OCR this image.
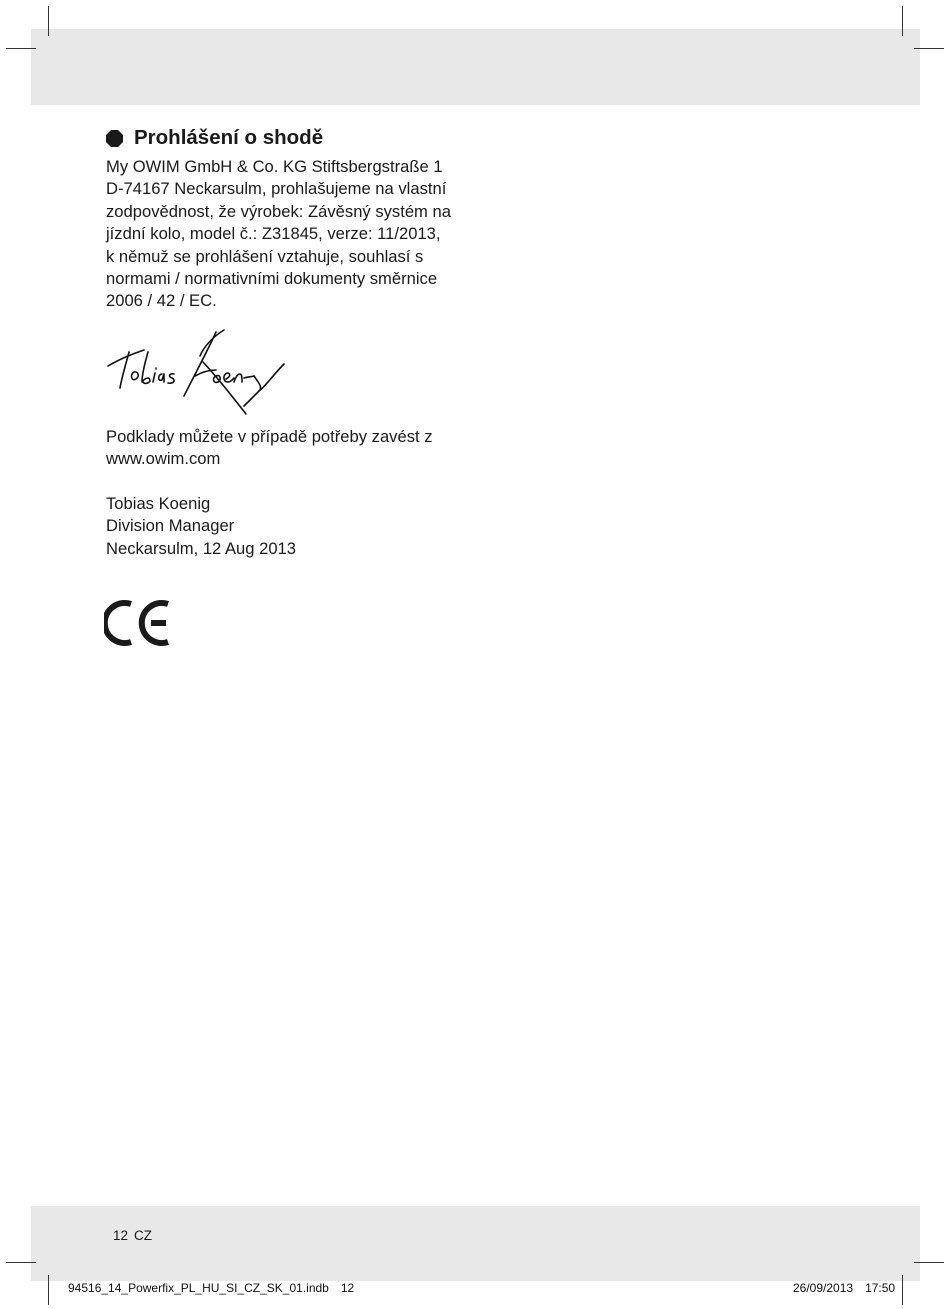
Prohlášení o shodě
My OWIM GmbH & Co. KG Stiftsbergstraße 1
D-74167 Neckarsulm, prohlašujeme na vlastní
zodpovědnost, že výrobek: Závěsný systém na
jízdní kolo, model č.: Z31845, verze: 11/2013,
k němuž se prohlášení vztahuje, souhlasí s
normami / normativními dokumenty směrnice
2006 / 42 / EC.
Podklady můžete v případě potřeby zavést z
www.owim.com
Tobias Koenig
Division Manager
Neckarsulm, 12 Aug 2013
12 CZ
94516_14_Powerfix_PL_HU_SI_CZ_SK_01.indb 12	26/09/2013 17:50
